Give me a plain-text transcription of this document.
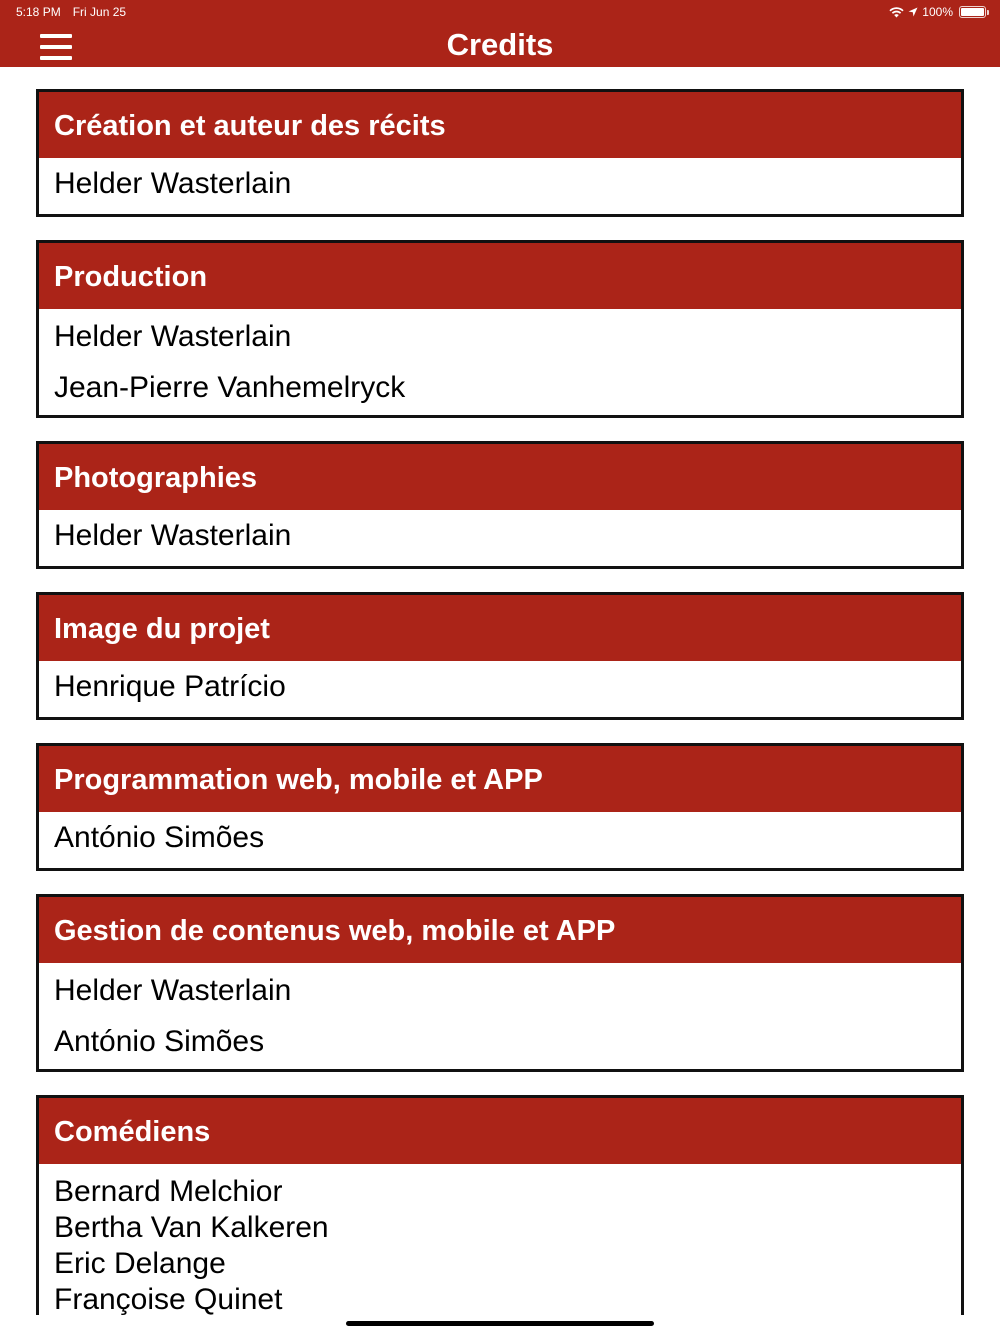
5:18 PM Fri Jun 25	100%
Credits
Création et auteur des récits
Helder Wasterlain
Production
Helder Wasterlain
Jean-Pierre Vanhemelryck
Photographies
Helder Wasterlain
Image du projet
Henrique Patrício
Programmation web, mobile et APP
António Simões
Gestion de contenus web, mobile et APP
Helder Wasterlain
António Simões
Comédiens
Bernard Melchior
Bertha Van Kalkeren
Eric Delange
Françoise Quinet
